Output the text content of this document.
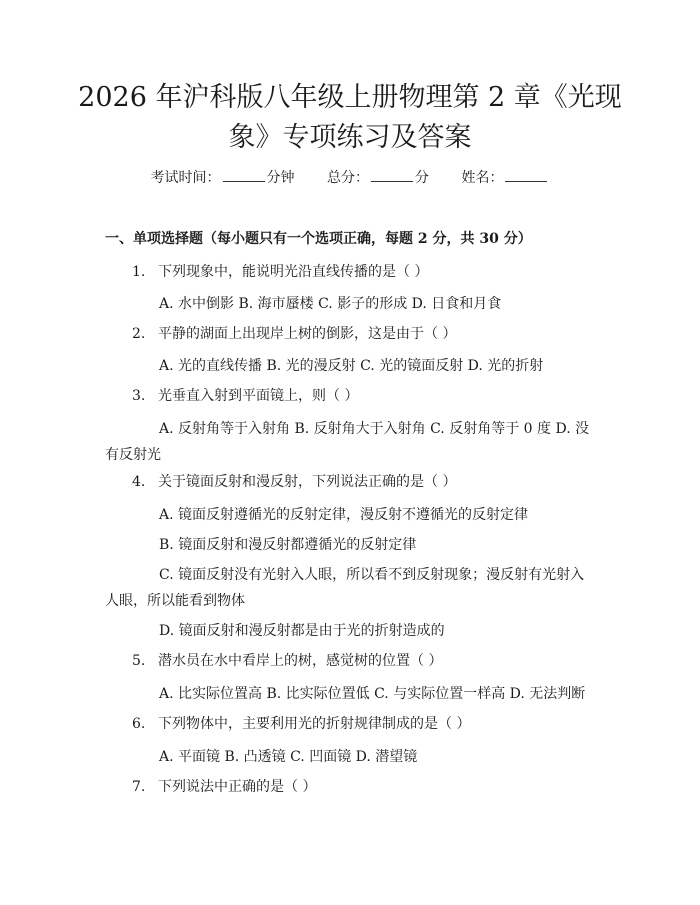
2026 年沪科版八年级上册物理第 2 章《光现
象》专项练习及答案
考试时间：	分钟 总分：	分 姓名：
一、单项选择题（每小题只有一个选项正确，每题 2 分，共 30 分）
1. 下列现象中，能说明光沿直线传播的是（ ）
A. 水中倒影 B. 海市蜃楼 C. 影子的形成 D. 日食和月食
2. 平静的湖面上出现岸上树的倒影，这是由于（ ）
A. 光的直线传播 B. 光的漫反射 C. 光的镜面反射 D. 光的折射
3. 光垂直入射到平面镜上，则（ ）
A. 反射角等于入射角 B. 反射角大于入射角 C. 反射角等于 0 度 D. 没有反射光
4. 关于镜面反射和漫反射，下列说法正确的是（ ）
A. 镜面反射遵循光的反射定律，漫反射不遵循光的反射定律
B. 镜面反射和漫反射都遵循光的反射定律
C. 镜面反射没有光射入人眼，所以看不到反射现象；漫反射有光射入人眼，所以能看到物体
D. 镜面反射和漫反射都是由于光的折射造成的
5. 潜水员在水中看岸上的树，感觉树的位置（ ）
A. 比实际位置高 B. 比实际位置低 C. 与实际位置一样高 D. 无法判断
6. 下列物体中，主要利用光的折射规律制成的是（ ）
A. 平面镜 B. 凸透镜 C. 凹面镜 D. 潜望镜
7. 下列说法中正确的是（ ）
